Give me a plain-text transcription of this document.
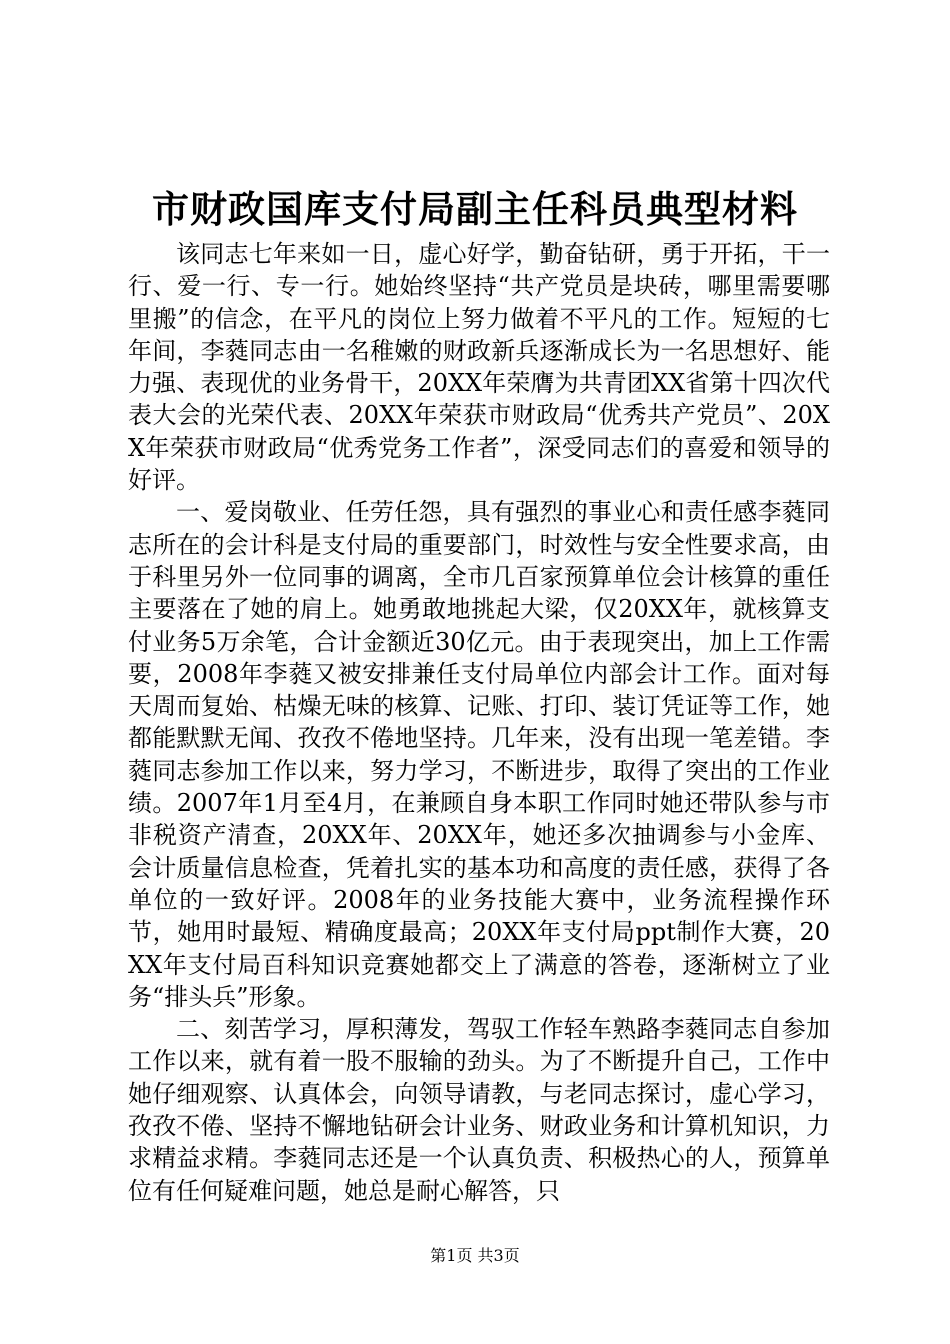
市财政国库支付局副主任科员典型材料

该同志七年来如一日，虚心好学，勤奋钻研，勇于开拓，干一行、爱一行、专一行。她始终坚持“共产党员是块砖，哪里需要哪里搬”的信念，在平凡的岗位上努力做着不平凡的工作。短短的七年间，李蕤同志由一名稚嫩的财政新兵逐渐成长为一名思想好、能力强、表现优的业务骨干，20XX年荣膺为共青团XX省第十四次代表大会的光荣代表、20XX年荣获市财政局“优秀共产党员”、20XX年荣获市财政局“优秀党务工作者”，深受同志们的喜爱和领导的好评。

一、爱岗敬业、任劳任怨，具有强烈的事业心和责任感李蕤同志所在的会计科是支付局的重要部门，时效性与安全性要求高，由于科里另外一位同事的调离，全市几百家预算单位会计核算的重任主要落在了她的肩上。她勇敢地挑起大梁，仅20XX年，就核算支付业务5万余笔，合计金额近30亿元。由于表现突出，加上工作需要，2008年李蕤又被安排兼任支付局单位内部会计工作。面对每天周而复始、枯燥无味的核算、记账、打印、装订凭证等工作，她都能默默无闻、孜孜不倦地坚持。几年来，没有出现一笔差错。李蕤同志参加工作以来，努力学习，不断进步，取得了突出的工作业绩。2007年1月至4月，在兼顾自身本职工作同时她还带队参与市非税资产清查，20XX年、20XX年，她还多次抽调参与小金库、会计质量信息检查，凭着扎实的基本功和高度的责任感，获得了各单位的一致好评。2008年的业务技能大赛中，业务流程操作环节，她用时最短、精确度最高；20XX年支付局ppt制作大赛，20XX年支付局百科知识竞赛她都交上了满意的答卷，逐渐树立了业务“排头兵”形象。

二、刻苦学习，厚积薄发，驾驭工作轻车熟路李蕤同志自参加工作以来，就有着一股不服输的劲头。为了不断提升自己，工作中她仔细观察、认真体会，向领导请教，与老同志探讨，虚心学习，孜孜不倦、坚持不懈地钻研会计业务、财政业务和计算机知识，力求精益求精。李蕤同志还是一个认真负责、积极热心的人，预算单位有任何疑难问题，她总是耐心解答，只

第1页 共3页
